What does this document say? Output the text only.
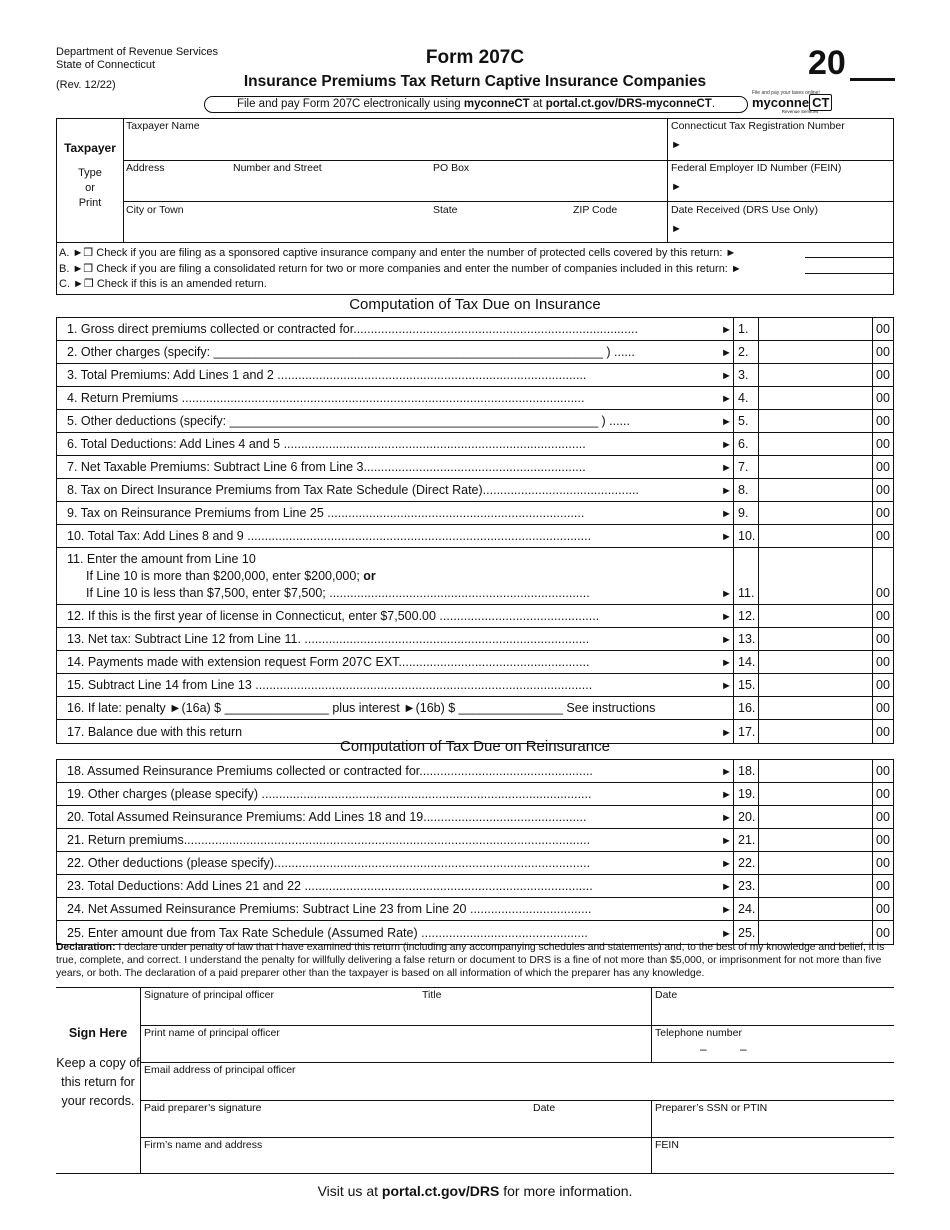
Department of Revenue Services
State of Connecticut
(Rev. 12/22)
Form 207C
Insurance Premiums Tax Return Captive Insurance Companies	20
File and pay Form 207C electronically using myconneCT at portal.ct.gov/DRS-myconneCT.
File and pay your taxes online!
myconne CT
Revenue Services
Taxpayer
Type
or
Print
Taxpayer Name	Connecticut Tax Registration Number
►
Address	Number and Street	PO Box	Federal Employer ID Number (FEIN)
►
City or Town	State	ZIP Code	Date Received (DRS Use Only)
►
A. ►❒ Check if you are filing as a sponsored captive insurance company and enter the number of protected cells covered by this return: ►
B. ►❒ Check if you are filing a consolidated return for two or more companies and enter the number of companies included in this return: ►
C. ►❒ Check if this is an amended return.
Computation of Tax Due on Insurance
1. Gross direct premiums collected or contracted for..................................................................................	► 1.	00
2. Other charges (specify: ________________________________________________________ ) ......	► 2.	00
3. Total Premiums: Add Lines 1 and 2 .........................................................................................	► 3.	00
4. Return Premiums ....................................................................................................................	► 4.	00
5. Other deductions (specify: _____________________________________________________ ) ......	► 5.	00
6. Total Deductions: Add Lines 4 and 5 .......................................................................................	► 6.	00
7. Net Taxable Premiums: Subtract Line 6 from Line 3................................................................	► 7.	00
8. Tax on Direct Insurance Premiums from Tax Rate Schedule (Direct Rate).............................................	► 8.	00
9. Tax on Reinsurance Premiums from Line 25 ..........................................................................	► 9.	00
10. Total Tax: Add Lines 8 and 9 ...................................................................................................	► 10.	00
11. Enter the amount from Line 10
If Line 10 is more than $200,000, enter $200,000; or
If Line 10 is less than $7,500, enter $7,500; ...........................................................................	► 11.	00
12. If this is the first year of license in Connecticut, enter $7,500.00 ..............................................	► 12.	00
13. Net tax: Subtract Line 12 from Line 11. ..................................................................................	► 13.	00
14. Payments made with extension request Form 207C EXT.......................................................	► 14.	00
15. Subtract Line 14 from Line 13 .................................................................................................	► 15.	00
16. If late: penalty ►(16a) $ _______________ plus interest ►(16b) $ _______________ See instructions	16.	00
17. Balance due with this return	► 17.	00
Computation of Tax Due on Reinsurance
18. Assumed Reinsurance Premiums collected or contracted for..................................................	► 18.	00
19. Other charges (please specify) ...............................................................................................	► 19.	00
20. Total Assumed Reinsurance Premiums: Add Lines 18 and 19...............................................	► 20.	00
21. Return premiums.....................................................................................................................	► 21.	00
22. Other deductions (please specify)...........................................................................................	► 22.	00
23. Total Deductions: Add Lines 21 and 22 ...................................................................................	► 23.	00
24. Net Assumed Reinsurance Premiums: Subtract Line 23 from Line 20 ...................................	► 24.	00
25. Enter amount due from Tax Rate Schedule (Assumed Rate) ................................................	► 25.	00
Declaration: I declare under penalty of law that I have examined this return (including any accompanying schedules and statements) and, to the best of my knowledge and belief, it is true, complete, and correct. I understand the penalty for willfully delivering a false return or document to DRS is a fine of not more than $5,000, or imprisonment for not more than five years, or both. The declaration of a paid preparer other than the taxpayer is based on all information of which the preparer has any knowledge.
Sign Here
Keep a copy of this return for your records.
Signature of principal officer	Title	Date
Print name of principal officer	Telephone number
–          –
Email address of principal officer
Paid preparer’s signature	Date	Preparer’s SSN or PTIN
Firm’s name and address	FEIN
Visit us at portal.ct.gov/DRS for more information.
